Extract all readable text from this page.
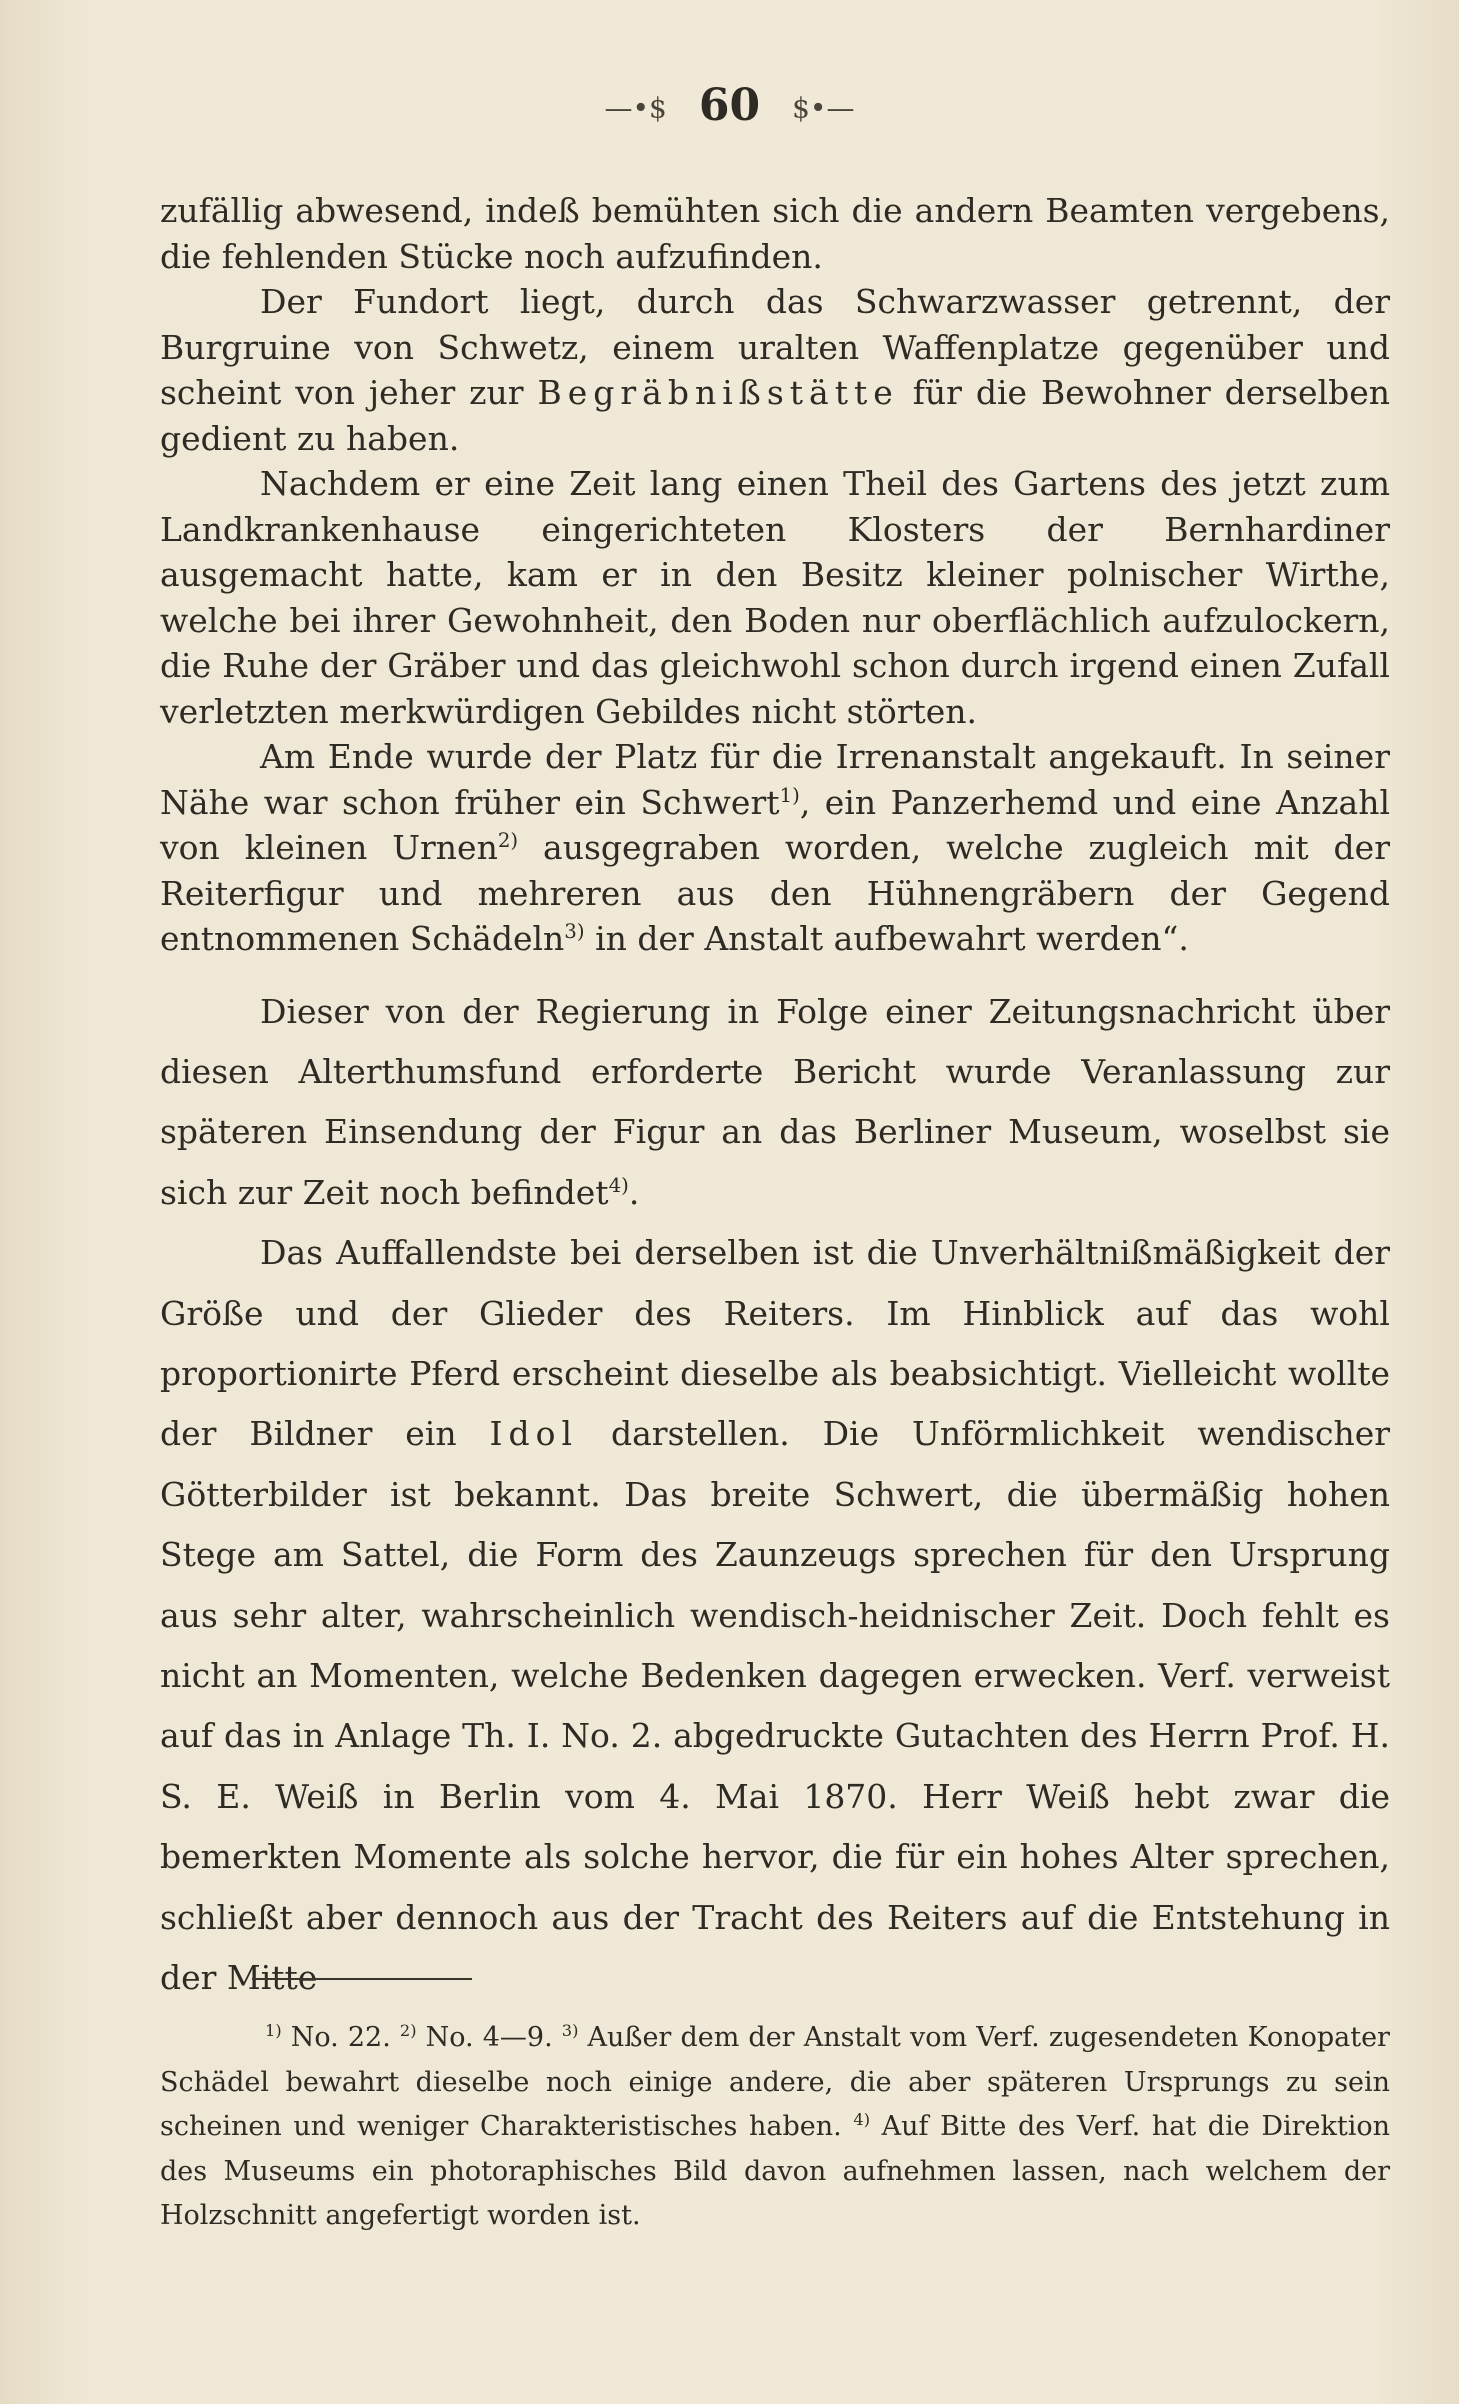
—•$ 60 $•—

zufällig abwesend, indeß bemühten sich die andern Beamten vergebens, die fehlenden Stücke noch aufzufinden.

Der Fundort liegt, durch das Schwarzwasser getrennt, der Burgruine von Schwetz, einem uralten Waffenplatze gegenüber und scheint von jeher zur Begräbnißstätte für die Bewohner derselben gedient zu haben.

Nachdem er eine Zeit lang einen Theil des Gartens des jetzt zum Landkrankenhause eingerichteten Klosters der Bernhardiner ausgemacht hatte, kam er in den Besitz kleiner polnischer Wirthe, welche bei ihrer Gewohnheit, den Boden nur oberflächlich aufzulockern, die Ruhe der Gräber und das gleichwohl schon durch irgend einen Zufall verletzten merkwürdigen Gebildes nicht störten.

Am Ende wurde der Platz für die Irrenanstalt angekauft. In seiner Nähe war schon früher ein Schwert$^{1)}$, ein Panzerhemd und eine Anzahl von kleinen Urnen$^{2)}$ ausgegraben worden, welche zugleich mit der Reiterfigur und mehreren aus den Hühnengräbern der Gegend entnommenen Schädeln$^{3)}$ in der Anstalt aufbewahrt werden“.

Dieser von der Regierung in Folge einer Zeitungsnachricht über diesen Alterthumsfund erforderte Bericht wurde Veranlassung zur späteren Einsendung der Figur an das Berliner Museum, woselbst sie sich zur Zeit noch befindet$^{4)}$.

Das Auffallendste bei derselben ist die Unverhältnißmäßigkeit der Größe und der Glieder des Reiters. Im Hinblick auf das wohl proportionirte Pferd erscheint dieselbe als beabsichtigt. Vielleicht wollte der Bildner ein Idol darstellen. Die Unförmlichkeit wendischer Götterbilder ist bekannt. Das breite Schwert, die übermäßig hohen Stege am Sattel, die Form des Zaunzeugs sprechen für den Ursprung aus sehr alter, wahrscheinlich wendisch-heidnischer Zeit. Doch fehlt es nicht an Momenten, welche Bedenken dagegen erwecken. Verf. verweist auf das in Anlage Th. I. No. 2. abgedruckte Gutachten des Herrn Prof. H. S. E. Weiß in Berlin vom 4. Mai 1870. Herr Weiß hebt zwar die bemerkten Momente als solche hervor, die für ein hohes Alter sprechen, schließt aber dennoch aus der Tracht des Reiters auf die Entstehung in der Mitte

$^{1)}$ No. 22. $^{2)}$ No. 4—9. $^{3)}$ Außer dem der Anstalt vom Verf. zugesendeten Konopater Schädel bewahrt dieselbe noch einige andere, die aber späteren Ursprungs zu sein scheinen und weniger Charakteristisches haben. $^{4)}$ Auf Bitte des Verf. hat die Direktion des Museums ein photoraphisches Bild davon aufnehmen lassen, nach welchem der Holzschnitt angefertigt worden ist.
